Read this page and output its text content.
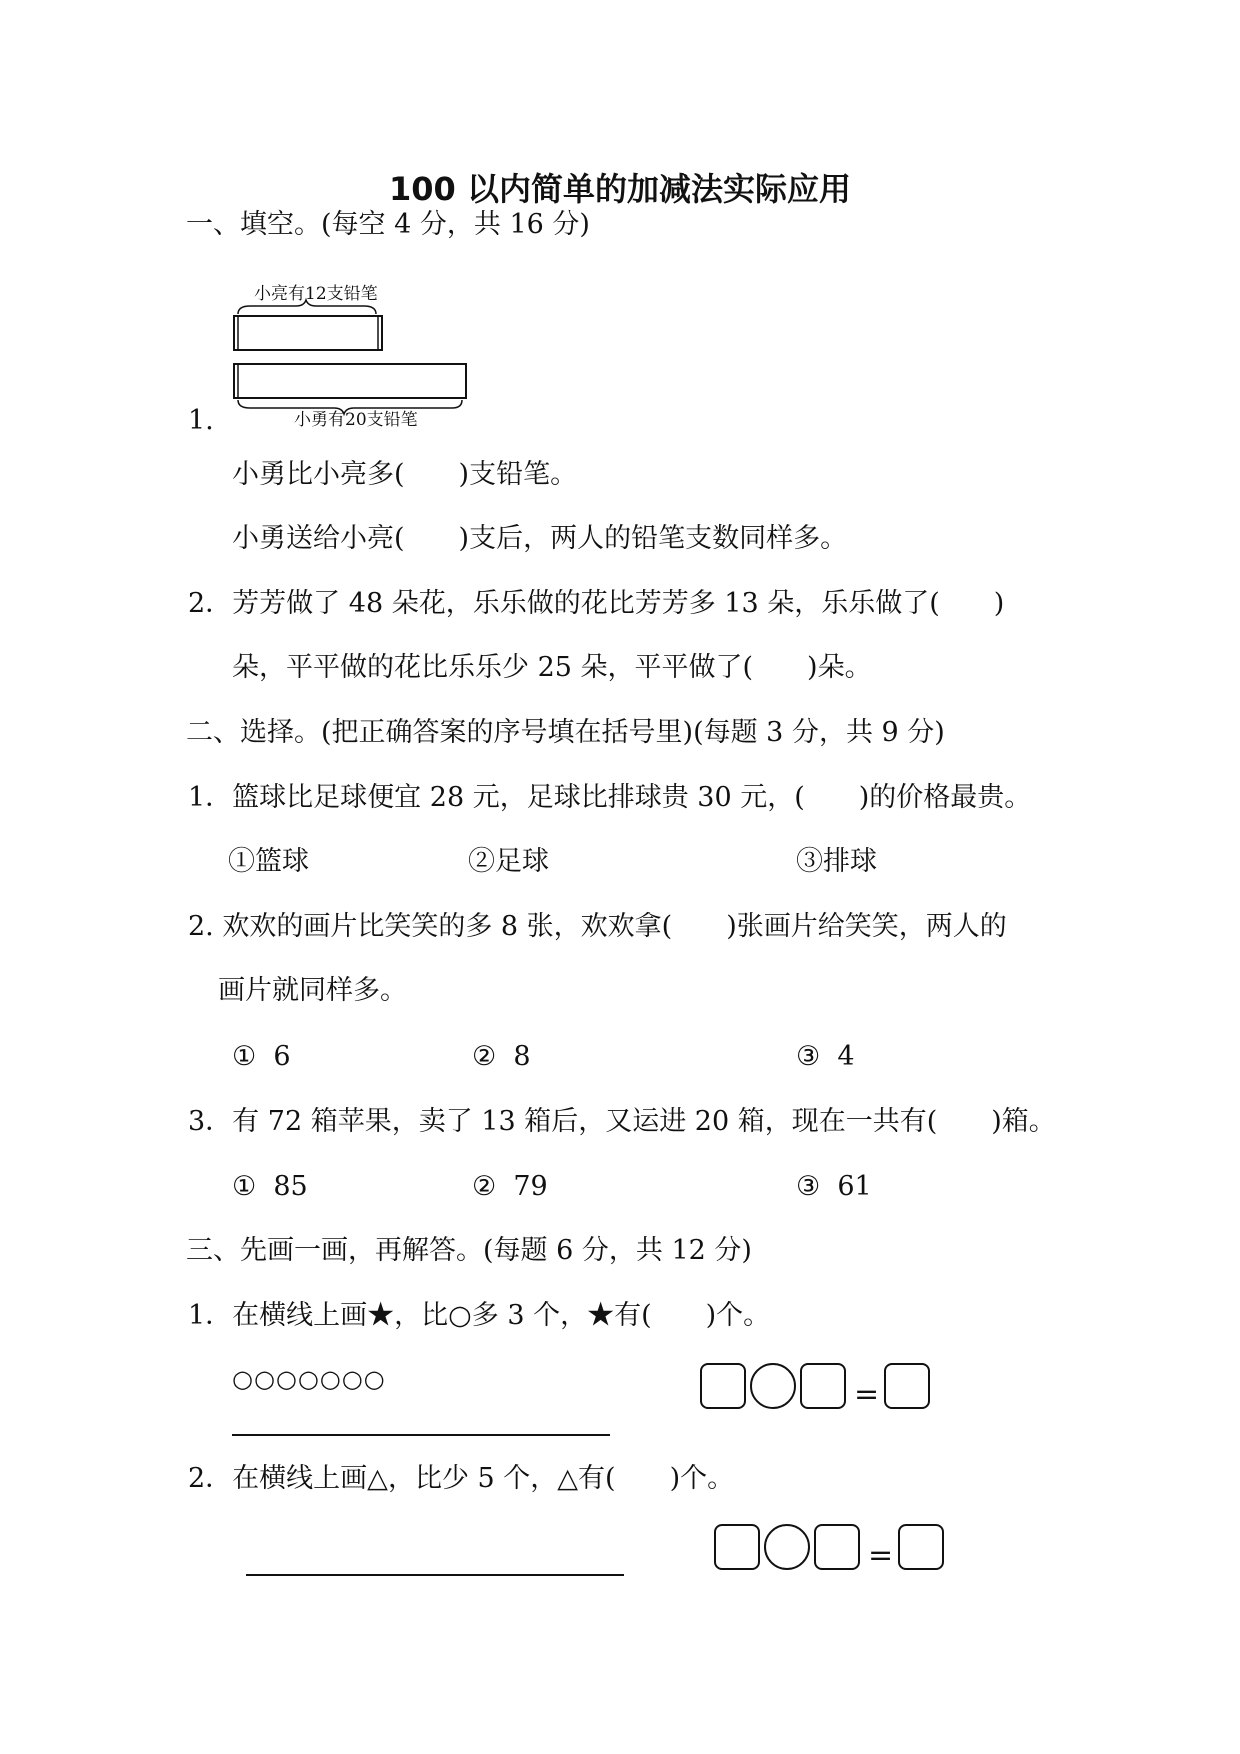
100 以内简单的加减法实际应用
一、填空。(每空 4 分，共 16 分)
小亮有12支铅笔
小勇有20支铅笔
1.
小勇比小亮多(　　)支铅笔。
小勇送给小亮(　　)支后，两人的铅笔支数同样多。
2．芳芳做了 48 朵花，乐乐做的花比芳芳多 13 朵，乐乐做了(　　)
朵，平平做的花比乐乐少 25 朵，平平做了(　　)朵。
二、选择。(把正确答案的序号填在括号里)(每题 3 分，共 9 分)
1．篮球比足球便宜 28 元，足球比排球贵 30 元，(　　)的价格最贵。
①篮球	②足球	③排球
2. 欢欢的画片比笑笑的多 8 张，欢欢拿(　　)张画片给笑笑，两人的
画片就同样多。
①  6	②  8	③  4
3．有 72 箱苹果，卖了 13 箱后，又运进 20 箱，现在一共有(　　)箱。
①  85	②  79	③  61
三、先画一画，再解答。(每题 6 分，共 12 分)
1．在横线上画★，比○多 3 个，★有(　　)个。
○○○○○○○	=
2．在横线上画△，比少 5 个，△有(　　)个。
=
